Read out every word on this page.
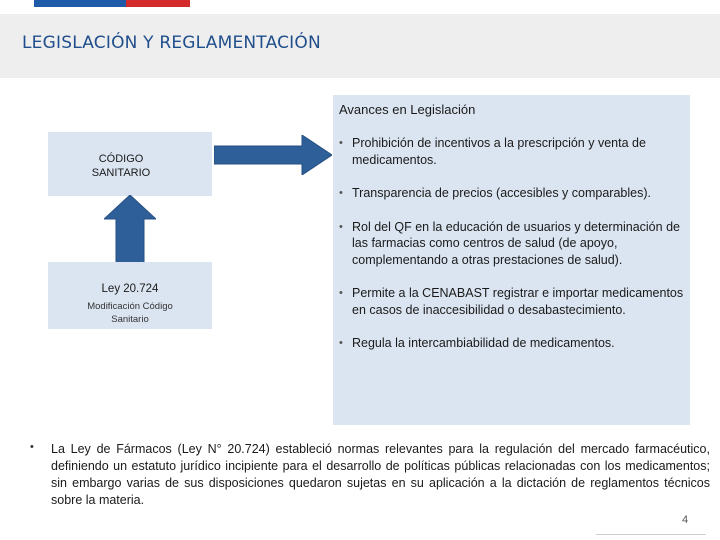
LEGISLACIÓN Y REGLAMENTACIÓN
CÓDIGO
SANITARIO
Ley 20.724
Modificación Código
Sanitario
Avances en Legislación
• Prohibición de incentivos a la prescripción y venta de medicamentos.
• Transparencia de precios (accesibles y comparables).
• Rol del QF en la educación de usuarios y determinación de las farmacias como centros de salud (de apoyo, complementando a otras prestaciones de salud).
• Permite a la CENABAST registrar e importar medicamentos en casos de inaccesibilidad o desabastecimiento.
• Regula la intercambiabilidad de medicamentos.
• La Ley de Fármacos (Ley N° 20.724) estableció normas relevantes para la regulación del mercado farmacéutico, definiendo un estatuto jurídico incipiente para el desarrollo de políticas públicas relacionadas con los medicamentos; sin embargo varias de sus disposiciones quedaron sujetas en su aplicación a la dictación de reglamentos técnicos sobre la materia.
4
